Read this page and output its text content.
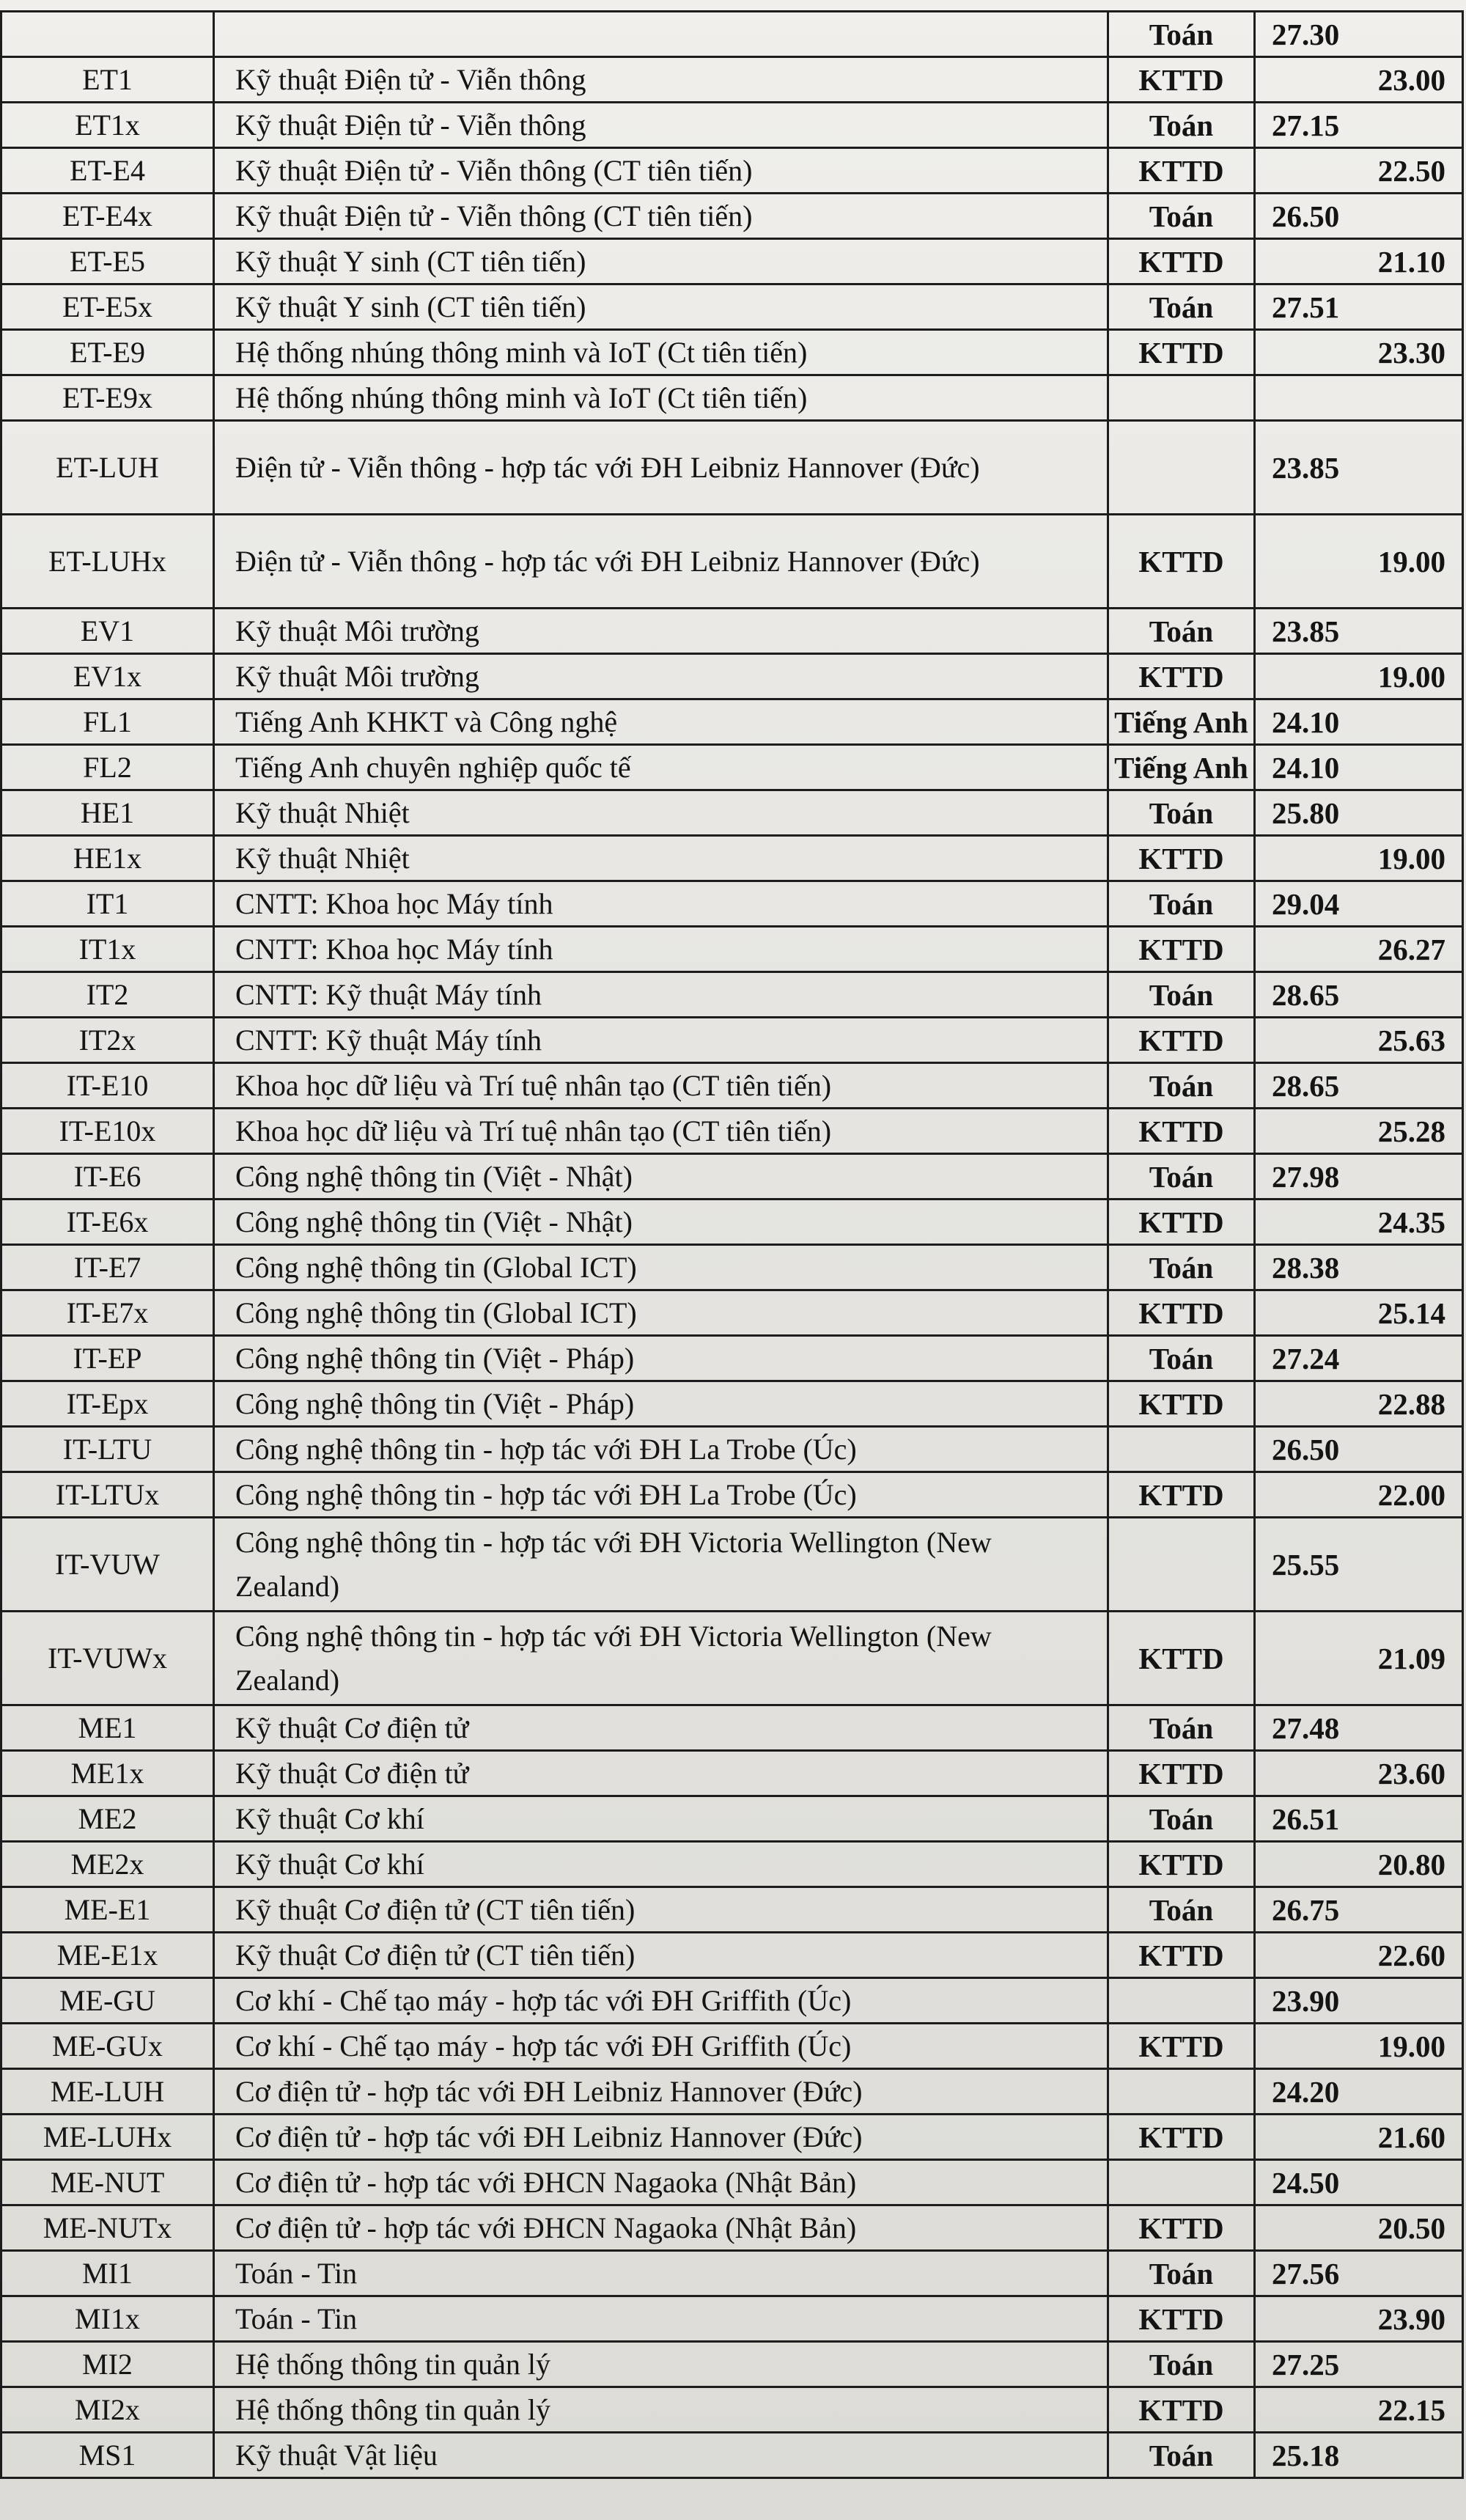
		Toán	27.30
ET1	Kỹ thuật Điện tử - Viễn thông	KTTD	23.00
ET1x	Kỹ thuật Điện tử - Viễn thông	Toán	27.15
ET-E4	Kỹ thuật Điện tử - Viễn thông (CT tiên tiến)	KTTD	22.50
ET-E4x	Kỹ thuật Điện tử - Viễn thông (CT tiên tiến)	Toán	26.50
ET-E5	Kỹ thuật Y sinh (CT tiên tiến)	KTTD	21.10
ET-E5x	Kỹ thuật Y sinh (CT tiên tiến)	Toán	27.51
ET-E9	Hệ thống nhúng thông minh và IoT (Ct tiên tiến)	KTTD	23.30
ET-E9x	Hệ thống nhúng thông minh và IoT (Ct tiên tiến)		
ET-LUH	Điện tử - Viễn thông - hợp tác với ĐH Leibniz Hannover (Đức)		23.85
ET-LUHx	Điện tử - Viễn thông - hợp tác với ĐH Leibniz Hannover (Đức)	KTTD	19.00
EV1	Kỹ thuật Môi trường	Toán	23.85
EV1x	Kỹ thuật Môi trường	KTTD	19.00
FL1	Tiếng Anh KHKT và Công nghệ	Tiếng Anh	24.10
FL2	Tiếng Anh chuyên nghiệp quốc tế	Tiếng Anh	24.10
HE1	Kỹ thuật Nhiệt	Toán	25.80
HE1x	Kỹ thuật Nhiệt	KTTD	19.00
IT1	CNTT: Khoa học Máy tính	Toán	29.04
IT1x	CNTT: Khoa học Máy tính	KTTD	26.27
IT2	CNTT: Kỹ thuật Máy tính	Toán	28.65
IT2x	CNTT: Kỹ thuật Máy tính	KTTD	25.63
IT-E10	Khoa học dữ liệu và Trí tuệ nhân tạo (CT tiên tiến)	Toán	28.65
IT-E10x	Khoa học dữ liệu và Trí tuệ nhân tạo (CT tiên tiến)	KTTD	25.28
IT-E6	Công nghệ thông tin (Việt - Nhật)	Toán	27.98
IT-E6x	Công nghệ thông tin (Việt - Nhật)	KTTD	24.35
IT-E7	Công nghệ thông tin (Global ICT)	Toán	28.38
IT-E7x	Công nghệ thông tin (Global ICT)	KTTD	25.14
IT-EP	Công nghệ thông tin (Việt - Pháp)	Toán	27.24
IT-Epx	Công nghệ thông tin (Việt - Pháp)	KTTD	22.88
IT-LTU	Công nghệ thông tin - hợp tác với ĐH La Trobe (Úc)		26.50
IT-LTUx	Công nghệ thông tin - hợp tác với ĐH La Trobe (Úc)	KTTD	22.00
IT-VUW	Công nghệ thông tin - hợp tác với ĐH Victoria Wellington (New Zealand)		25.55
IT-VUWx	Công nghệ thông tin - hợp tác với ĐH Victoria Wellington (New Zealand)	KTTD	21.09
ME1	Kỹ thuật Cơ điện tử	Toán	27.48
ME1x	Kỹ thuật Cơ điện tử	KTTD	23.60
ME2	Kỹ thuật Cơ khí	Toán	26.51
ME2x	Kỹ thuật Cơ khí	KTTD	20.80
ME-E1	Kỹ thuật Cơ điện tử (CT tiên tiến)	Toán	26.75
ME-E1x	Kỹ thuật Cơ điện tử (CT tiên tiến)	KTTD	22.60
ME-GU	Cơ khí - Chế tạo máy - hợp tác với ĐH Griffith (Úc)		23.90
ME-GUx	Cơ khí - Chế tạo máy - hợp tác với ĐH Griffith (Úc)	KTTD	19.00
ME-LUH	Cơ điện tử - hợp tác với ĐH Leibniz Hannover (Đức)		24.20
ME-LUHx	Cơ điện tử - hợp tác với ĐH Leibniz Hannover (Đức)	KTTD	21.60
ME-NUT	Cơ điện tử - hợp tác với ĐHCN Nagaoka (Nhật Bản)		24.50
ME-NUTx	Cơ điện tử - hợp tác với ĐHCN Nagaoka (Nhật Bản)	KTTD	20.50
MI1	Toán - Tin	Toán	27.56
MI1x	Toán - Tin	KTTD	23.90
MI2	Hệ thống thông tin quản lý	Toán	27.25
MI2x	Hệ thống thông tin quản lý	KTTD	22.15
MS1	Kỹ thuật Vật liệu	Toán	25.18
